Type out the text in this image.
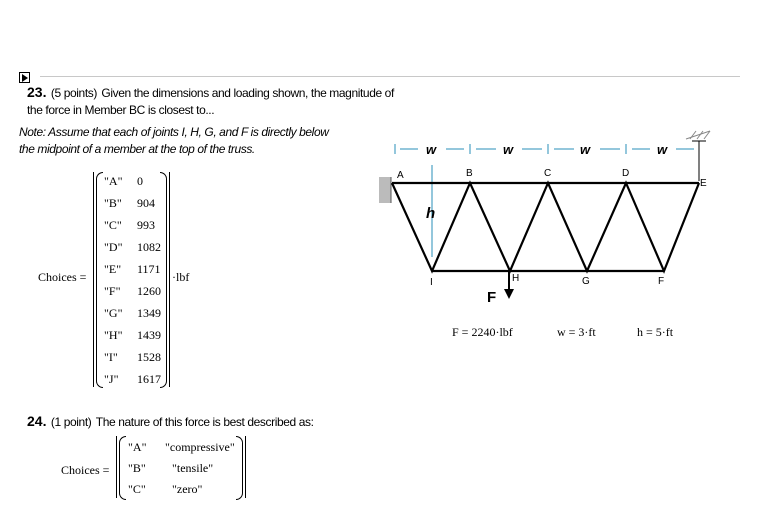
23. (5 points) Given the dimensions and loading shown, the magnitude of
the force in Member BC is closest to...
Note: Assume that each of joints I, H, G, and F is directly below
the midpoint of a member at the top of the truss.
Choices =	·lbf
"A" 0
"B" 904
"C" 993
"D" 1082
"E" 1171
"F" 1260
"G" 1349
"H" 1439
"I" 1528
"J" 1617
24. (1 point) The nature of this force is best described as:
Choices =
"A" "compressive"
"B" "tensile"
"C" "zero"
w	w	w	w
h
A	B	C	D
E
I	H	G	F
F
F = 2240·lbf	w = 3·ft	h = 5·ft
